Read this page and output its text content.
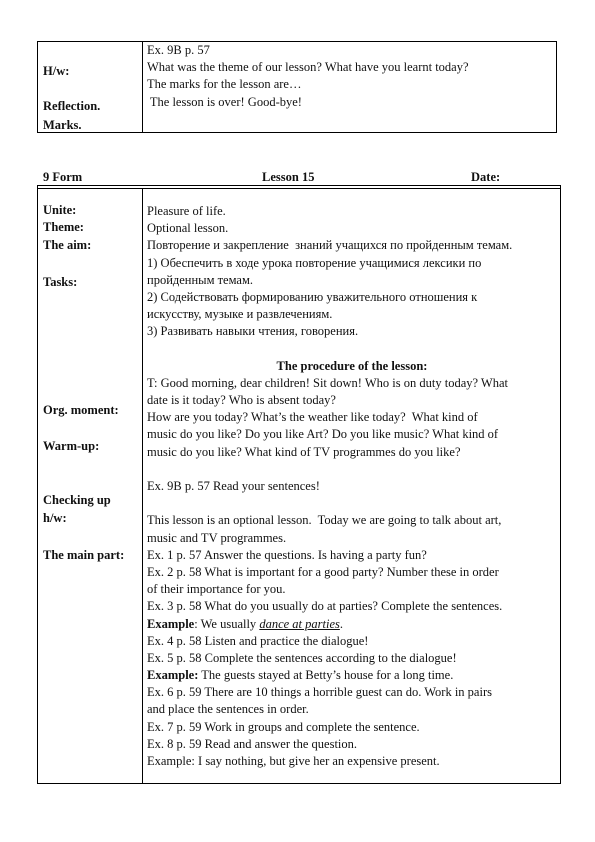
H/w:
Reflection.
Marks.
Ex. 9B p. 57
What was the theme of our lesson? What have you learnt today?
The marks for the lesson are…
The lesson is over! Good-bye!
9 Form	Lesson 15	Date:
Unite:
Theme:
The aim:
Tasks:
Org. moment:
Warm-up:
Checking up
h/w:
The main part:
Pleasure of life.
Optional lesson.
Повторение и закрепление  знаний учащихся по пройденным темам.
1) Обеспечить в ходе урока повторение учащимися лексики по
пройденным темам.
2) Содействовать формированию уважительного отношения к
искусству, музыке и развлечениям.
3) Развивать навыки чтения, говорения.
The procedure of the lesson:
T: Good morning, dear children! Sit down! Who is on duty today? What
date is it today? Who is absent today?
How are you today? What’s the weather like today?  What kind of
music do you like? Do you like Art? Do you like music? What kind of
music do you like? What kind of TV programmes do you like?
Ex. 9B p. 57 Read your sentences!
This lesson is an optional lesson.  Today we are going to talk about art,
music and TV programmes.
Ex. 1 p. 57 Answer the questions. Is having a party fun?
Ex. 2 p. 58 What is important for a good party? Number these in order
of their importance for you.
Ex. 3 p. 58 What do you usually do at parties? Complete the sentences.
Example: We usually dance at parties.
Ex. 4 p. 58 Listen and practice the dialogue!
Ex. 5 p. 58 Complete the sentences according to the dialogue!
Example: The guests stayed at Betty’s house for a long time.
Ex. 6 p. 59 There are 10 things a horrible guest can do. Work in pairs
and place the sentences in order.
Ex. 7 p. 59 Work in groups and complete the sentence.
Ex. 8 p. 59 Read and answer the question.
Example: I say nothing, but give her an expensive present.
